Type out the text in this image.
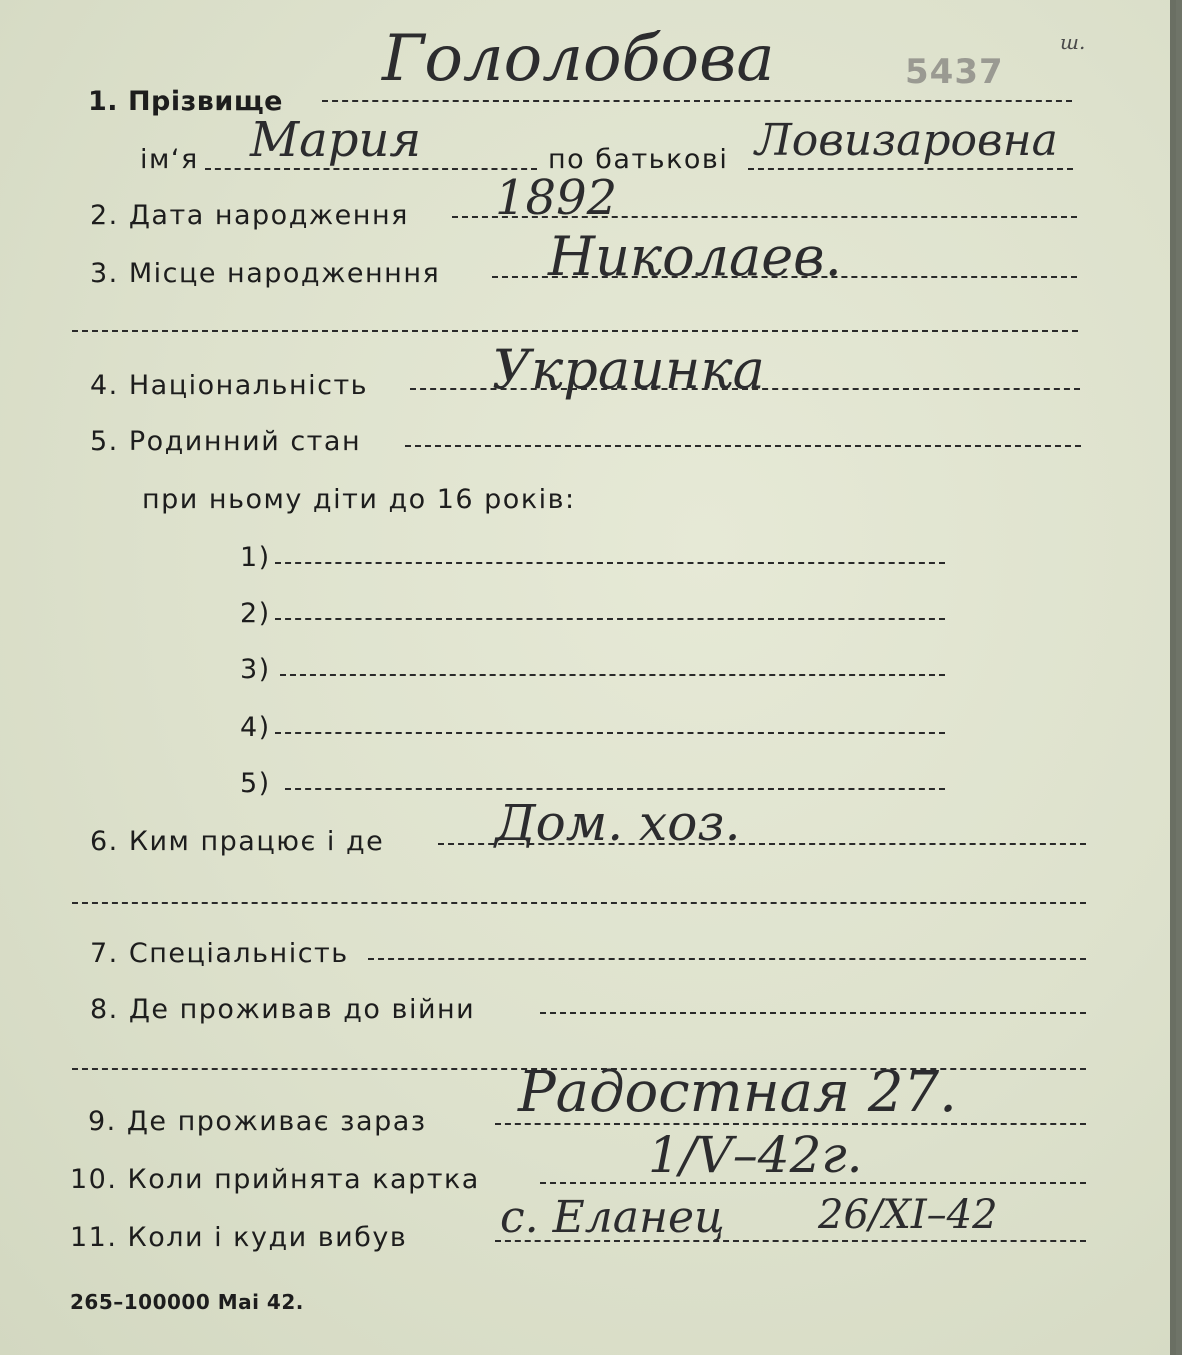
1. Прізвище
Гололобова	5437
ш.
ім‘я Мария	по батькові Ловизаровна
2. Дата народження 1892
3. Місце народженння Николаев.
4. Національність Украинка
5. Родинний стан
при ньому діти до 16 років:
1)
2)
3)
4)
5)
6. Ким працює і де Дом. хоз.
7. Спеціальність
8. Де проживав до війни
9. Де проживає зараз Радостная 27.
10. Коли прийнята картка	1/V–42г.
11. Коли і куди вибув с. Еланец 26/XI–42
265–100000 Mai 42.
